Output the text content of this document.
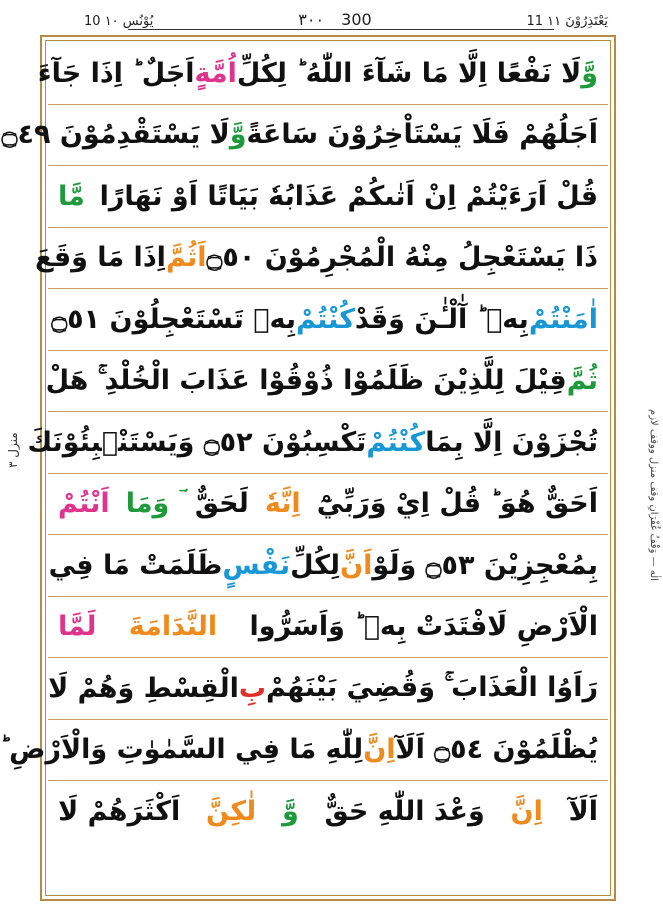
10 يُوْنُس ١٠	٣٠٠ 300	11 يَعْتَذِرُوْنَ ١١
منزل ٣	الٰه — وَقْفُ غُفْرَانِ وقف منزل ووقف لازم
وَّ
لَا نَفْعًا اِلَّا مَا شَآءَ اللّٰهُ ؕ لِكُلِّ
اُمَّةٍ
اَجَلٌ ؕ اِذَا جَآءَ
اَجَلُهُمْ فَلَا يَسْتَاْخِرُوْنَ سَاعَةً
وَّ
لَا يَسْتَقْدِمُوْنَ ۝٤٩
قُلْ اَرَءَيْتُمْ اِنْ اَتٰىكُمْ عَذَابُهٗ بَيَاتًا اَوْ نَهَارًا
مَّا
ذَا يَسْتَعْجِلُ مِنْهُ الْمُجْرِمُوْنَ ۝٥٠
اَثُمَّ
اِذَا مَا وَقَعَ
اٰمَنْتُمْ
بِهٖ ؕ آٰلْـٰٔنَ وَقَدْ
كُنْتُمْ
بِهٖ تَسْتَعْجِلُوْنَ ۝٥١
ثُمَّ
قِيْلَ لِلَّذِيْنَ ظَلَمُوْا ذُوْقُوْا عَذَابَ الْخُلْدِ ۚ هَلْ
تُجْزَوْنَ اِلَّا بِمَا
كُنْتُمْ
تَكْسِبُوْنَ ۝٥٢ وَيَسْتَنْۢبِئُوْنَكَ
اَحَقٌّ هُوَ ؕ قُلْ اِيْ وَرَبِّيْٓ
اِنَّهٗ
لَحَقٌّ
ؔ وَمَا
اَنْتُمْ
بِمُعْجِزِيْنَ ۝٥٣ وَلَوْ
اَنَّ
لِكُلِّ
نَفْسٍ
ظَلَمَتْ مَا فِي
الْاَرْضِ لَافْتَدَتْ بِهٖ ؕ وَاَسَرُّوا
النَّدَامَةَ
لَمَّا
رَاَوُا الْعَذَابَ ۚ وَقُضِيَ بَيْنَهُمْ
بِ
الْقِسْطِ وَهُمْ لَا
يُظْلَمُوْنَ ۝٥٤ اَلَآ
اِنَّ
لِلّٰهِ مَا فِي السَّمٰوٰتِ وَالْاَرْضِ ؕ
اَلَآ
اِنَّ
وَعْدَ اللّٰهِ حَقٌّ
وَّ
لٰكِنَّ
اَكْثَرَهُمْ لَا
